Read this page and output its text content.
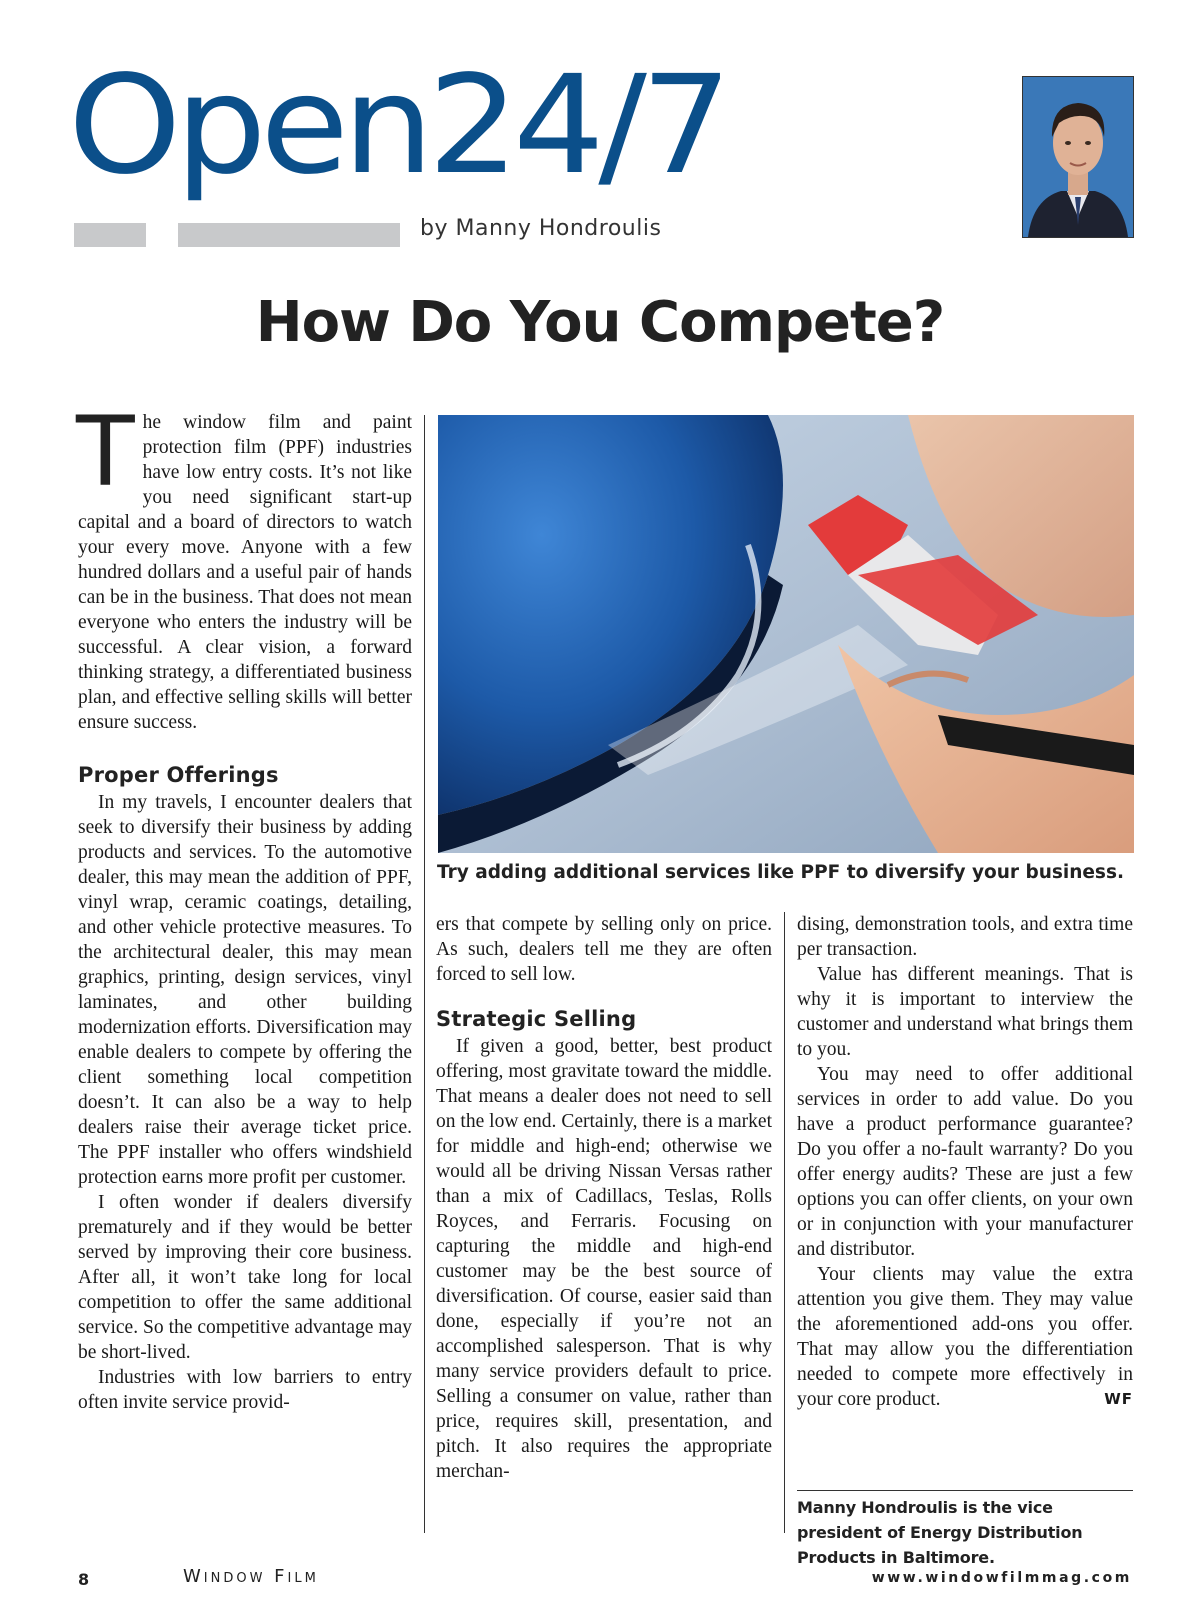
Open24/7
by Manny Hondroulis
How Do You Compete?

The window film and paint protection film (PPF) industries have low entry costs. It’s not like you need significant start-up capital and a board of directors to watch your every move. Anyone with a few hundred dollars and a useful pair of hands can be in the business. That does not mean everyone who enters the industry will be successful. A clear vision, a forward thinking strategy, a differentiated business plan, and effective selling skills will better ensure success.

Proper Offerings

In my travels, I encounter dealers that seek to diversify their business by adding products and services. To the automotive dealer, this may mean the addition of PPF, vinyl wrap, ceramic coatings, detailing, and other vehicle protective measures. To the architectural dealer, this may mean graphics, printing, design services, vinyl laminates, and other building modernization efforts. Diversification may enable dealers to compete by offering the client something local competition doesn’t. It can also be a way to help dealers raise their average ticket price. The PPF installer who offers windshield protection earns more profit per customer.

I often wonder if dealers diversify prematurely and if they would be better served by improving their core business. After all, it won’t take long for local competition to offer the same additional service. So the competitive advantage may be short-lived.

Industries with low barriers to entry often invite service provid-

Try adding additional services like PPF to diversify your business.

ers that compete by selling only on price. As such, dealers tell me they are often forced to sell low.

Strategic Selling

If given a good, better, best product offering, most gravitate toward the middle. That means a dealer does not need to sell on the low end. Certainly, there is a market for middle and high-end; otherwise we would all be driving Nissan Versas rather than a mix of Cadillacs, Teslas, Rolls Royces, and Ferraris. Focusing on capturing the middle and high-end customer may be the best source of diversification. Of course, easier said than done, especially if you’re not an accomplished salesperson. That is why many service providers default to price. Selling a consumer on value, rather than price, requires skill, presentation, and pitch. It also requires the appropriate merchan-

dising, demonstration tools, and extra time per transaction.

Value has different meanings. That is why it is important to interview the customer and understand what brings them to you.

You may need to offer additional services in order to add value. Do you have a product performance guarantee? Do you offer a no-fault warranty? Do you offer energy audits? These are just a few options you can offer clients, on your own or in conjunction with your manufacturer and distributor.

Your clients may value the extra attention you give them. They may value the aforementioned add-ons you offer. That may allow you the differentiation needed to compete more effectively in your core product.	WF

Manny Hondroulis is the vice president of Energy Distribution Products in Baltimore.
8	Window Film	www.windowfilmmag.com
